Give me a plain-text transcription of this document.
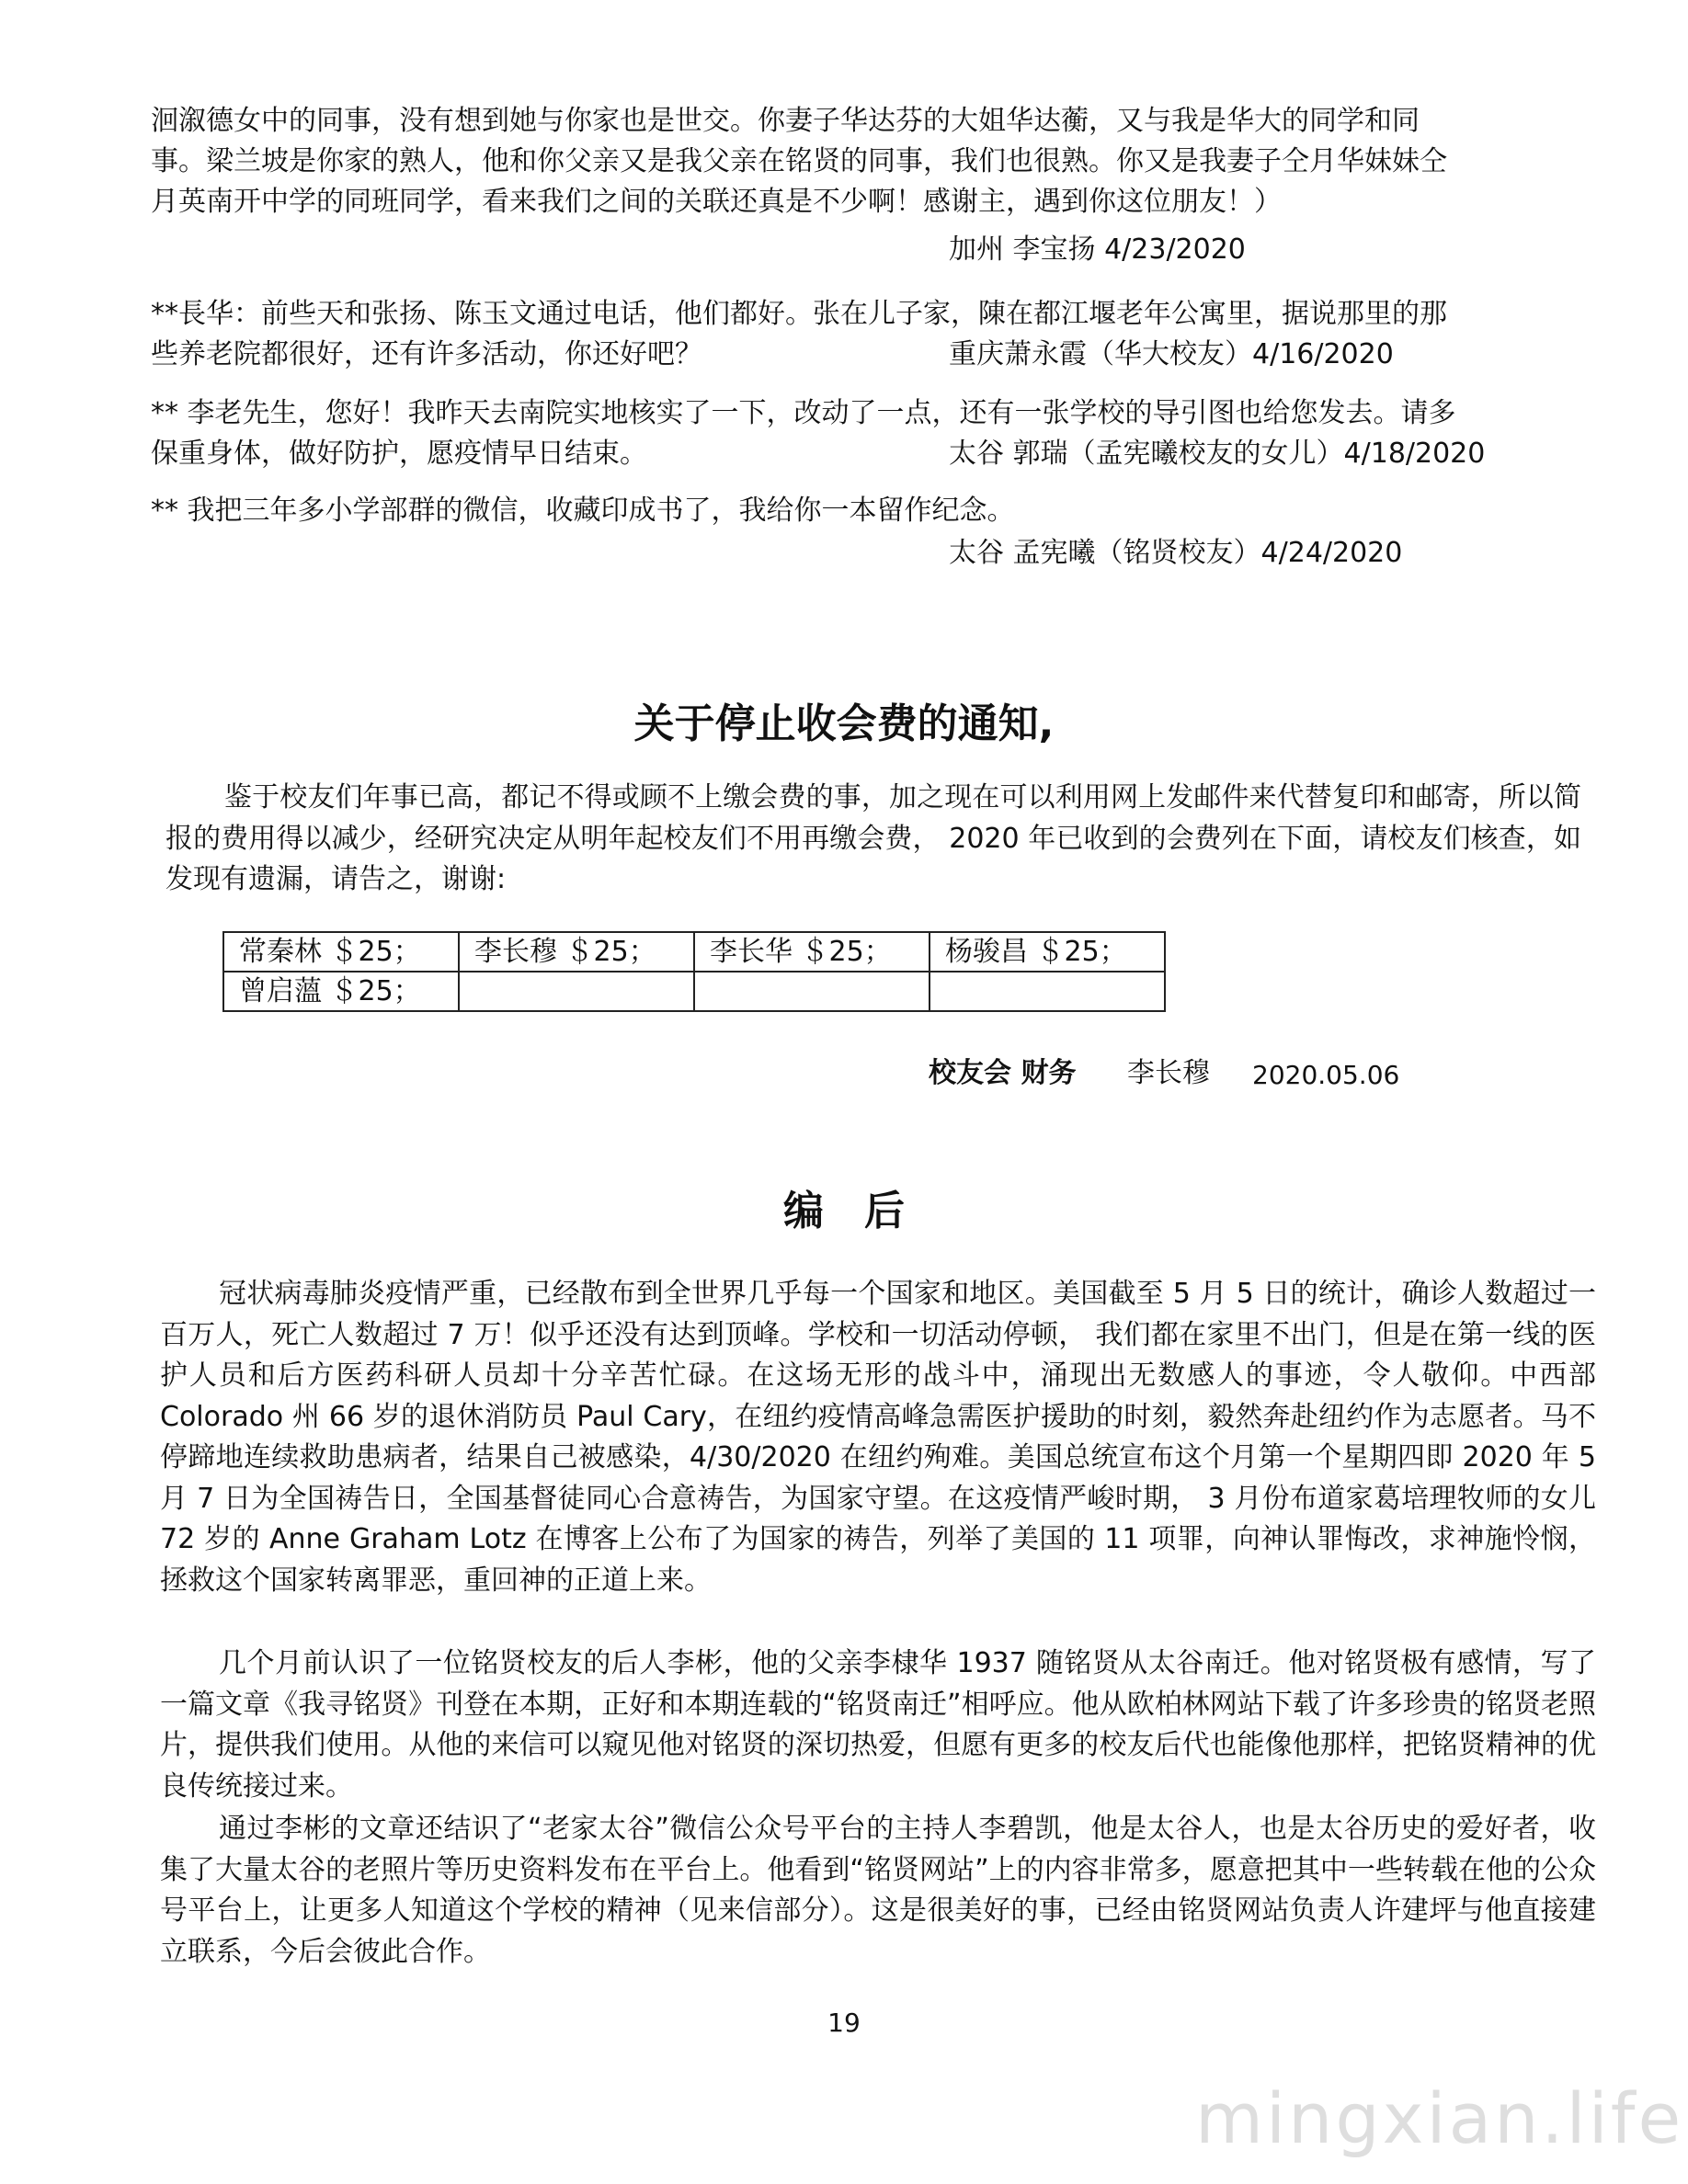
洄溆德女中的同事，没有想到她与你家也是世交。你妻子华达芬的大姐华达蘅，又与我是华大的同学和同
事。梁兰坡是你家的熟人，他和你父亲又是我父亲在铭贤的同事，我们也很熟。你又是我妻子仝月华妹妹仝
月英南开中学的同班同学，看来我们之间的关联还真是不少啊！感谢主，遇到你这位朋友！）
加州 李宝扬 4/23/2020
**長华：前些天和张扬、陈玉文通过电话，他们都好。张在儿子家，陳在都江堰老年公寓里，据说那里的那
些养老院都很好，还有许多活动，你还好吧？	重庆萧永霞（华大校友）4/16/2020
** 李老先生，您好！我昨天去南院实地核实了一下，改动了一点，还有一张学校的导引图也给您发去。请多
保重身体，做好防护，愿疫情早日结束。	太谷 郭瑞（孟宪曦校友的女儿）4/18/2020
** 我把三年多小学部群的微信，收藏印成书了，我给你一本留作纪念。
太谷 孟宪曦（铭贤校友）4/24/2020
关于停止收会费的通知,
鉴于校友们年事已高，都记不得或顾不上缴会费的事，加之现在可以利用网上发邮件来代替复印和邮寄，所以简报的费用得以减少，经研究决定从明年起校友们不用再缴会费， 2020 年已收到的会费列在下面，请校友们核查，如发现有遗漏，请告之，谢谢:
常秦林 ＄25；	李长穆 ＄25；	李长华 ＄25；	杨骏昌 ＄25；
曾启薀 ＄25；			
校友会 财务 李长穆 2020.05.06
编　后
冠状病毒肺炎疫情严重，已经散布到全世界几乎每一个国家和地区。美国截至 5 月 5 日的统计，确诊人数超过一百万人，死亡人数超过 7 万！似乎还没有达到顶峰。学校和一切活动停顿， 我们都在家里不出门，但是在第一线的医护人员和后方医药科研人员却十分辛苦忙碌。在这场无形的战斗中，涌现出无数感人的事迹，令人敬仰。中西部 Colorado 州 66 岁的退休消防员 Paul Cary，在纽约疫情高峰急需医护援助的时刻，毅然奔赴纽约作为志愿者。马不停蹄地连续救助患病者，结果自己被感染，4/30/2020 在纽约殉难。美国总统宣布这个月第一个星期四即 2020 年 5 月 7 日为全国祷告日，全国基督徒同心合意祷告，为国家守望。在这疫情严峻时期， 3 月份布道家葛培理牧师的女儿 72 岁的 Anne Graham Lotz 在博客上公布了为国家的祷告，列举了美国的 11 项罪，向神认罪悔改，求神施怜悯，拯救这个国家转离罪恶，重回神的正道上来。
几个月前认识了一位铭贤校友的后人李彬，他的父亲李棣华 1937 随铭贤从太谷南迁。他对铭贤极有感情，写了一篇文章《我寻铭贤》刊登在本期，正好和本期连载的“铭贤南迁”相呼应。他从欧柏林网站下载了许多珍贵的铭贤老照片，提供我们使用。从他的来信可以窥见他对铭贤的深切热爱，但愿有更多的校友后代也能像他那样，把铭贤精神的优良传统接过来。
通过李彬的文章还结识了“老家太谷”微信公众号平台的主持人李碧凯，他是太谷人，也是太谷历史的爱好者，收集了大量太谷的老照片等历史资料发布在平台上。他看到“铭贤网站”上的内容非常多，愿意把其中一些转载在他的公众号平台上，让更多人知道这个学校的精神（见来信部分）。这是很美好的事，已经由铭贤网站负责人许建坪与他直接建立联系，今后会彼此合作。
19
mingxian.life
